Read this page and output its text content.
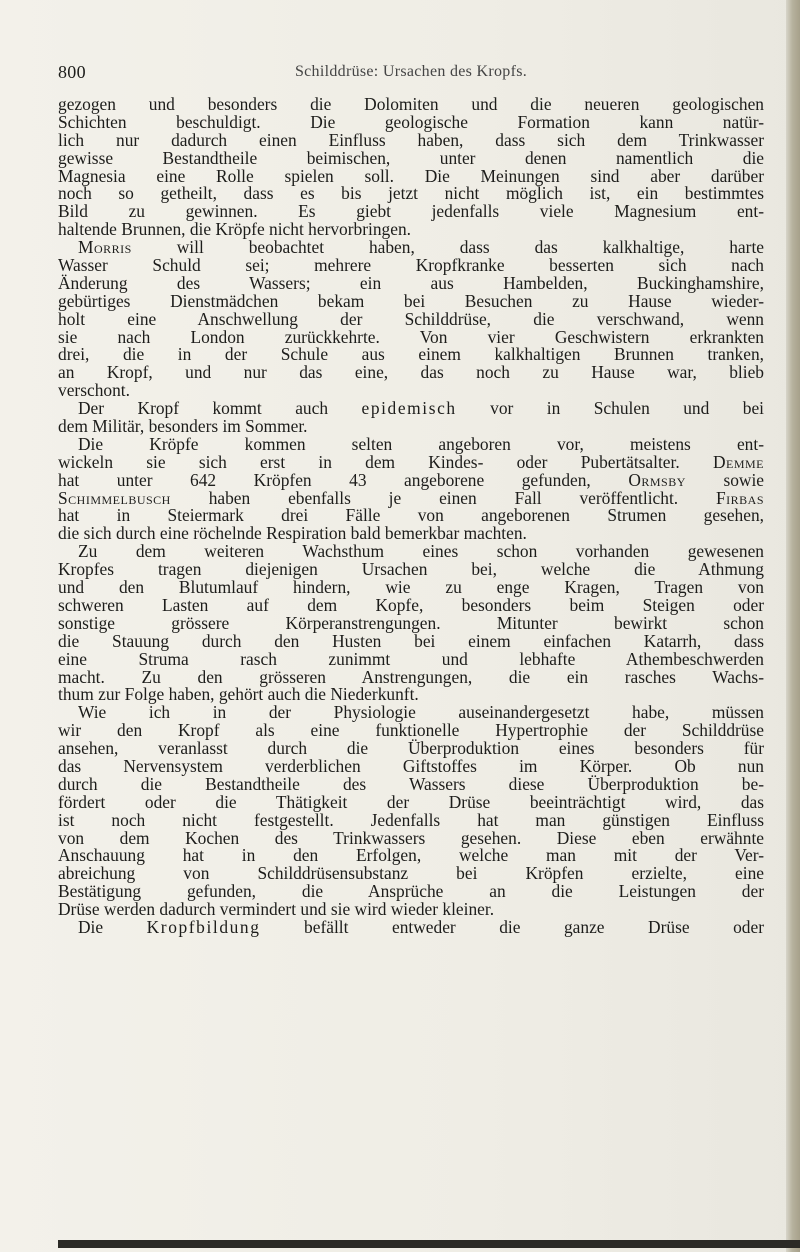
800	Schilddrüse: Ursachen des Kropfs.
gezogen und besonders die Dolomiten und die neueren geologischen
Schichten beschuldigt. Die geologische Formation kann natür-
lich nur dadurch einen Einfluss haben, dass sich dem Trinkwasser
gewisse Bestandtheile beimischen, unter denen namentlich die
Magnesia eine Rolle spielen soll. Die Meinungen sind aber darüber
noch so getheilt, dass es bis jetzt nicht möglich ist, ein bestimmtes
Bild zu gewinnen. Es giebt jedenfalls viele Magnesium ent-
haltende Brunnen, die Kröpfe nicht hervorbringen.
Morris will beobachtet haben, dass das kalkhaltige, harte
Wasser Schuld sei; mehrere Kropfkranke besserten sich nach
Änderung des Wassers; ein aus Hambelden, Buckinghamshire,
gebürtiges Dienstmädchen bekam bei Besuchen zu Hause wieder-
holt eine Anschwellung der Schilddrüse, die verschwand, wenn
sie nach London zurückkehrte. Von vier Geschwistern erkrankten
drei, die in der Schule aus einem kalkhaltigen Brunnen tranken,
an Kropf, und nur das eine, das noch zu Hause war, blieb
verschont.
Der Kropf kommt auch epidemisch vor in Schulen und bei
dem Militär, besonders im Sommer.
Die Kröpfe kommen selten angeboren vor, meistens ent-
wickeln sie sich erst in dem Kindes- oder Pubertätsalter. Demme
hat unter 642 Kröpfen 43 angeborene gefunden, Ormsby sowie
Schimmelbusch haben ebenfalls je einen Fall veröffentlicht. Firbas
hat in Steiermark drei Fälle von angeborenen Strumen gesehen,
die sich durch eine röchelnde Respiration bald bemerkbar machten.
Zu dem weiteren Wachsthum eines schon vorhanden gewesenen
Kropfes tragen diejenigen Ursachen bei, welche die Athmung
und den Blutumlauf hindern, wie zu enge Kragen, Tragen von
schweren Lasten auf dem Kopfe, besonders beim Steigen oder
sonstige grössere Körperanstrengungen. Mitunter bewirkt schon
die Stauung durch den Husten bei einem einfachen Katarrh, dass
eine Struma rasch zunimmt und lebhafte Athembeschwerden
macht. Zu den grösseren Anstrengungen, die ein rasches Wachs-
thum zur Folge haben, gehört auch die Niederkunft.
Wie ich in der Physiologie auseinandergesetzt habe, müssen
wir den Kropf als eine funktionelle Hypertrophie der Schilddrüse
ansehen, veranlasst durch die Überproduktion eines besonders für
das Nervensystem verderblichen Giftstoffes im Körper. Ob nun
durch die Bestandtheile des Wassers diese Überproduktion be-
fördert oder die Thätigkeit der Drüse beeinträchtigt wird, das
ist noch nicht festgestellt. Jedenfalls hat man günstigen Einfluss
von dem Kochen des Trinkwassers gesehen. Diese eben erwähnte
Anschauung hat in den Erfolgen, welche man mit der Ver-
abreichung von Schilddrüsensubstanz bei Kröpfen erzielte, eine
Bestätigung gefunden, die Ansprüche an die Leistungen der
Drüse werden dadurch vermindert und sie wird wieder kleiner.
Die Kropfbildung befällt entweder die ganze Drüse oder
